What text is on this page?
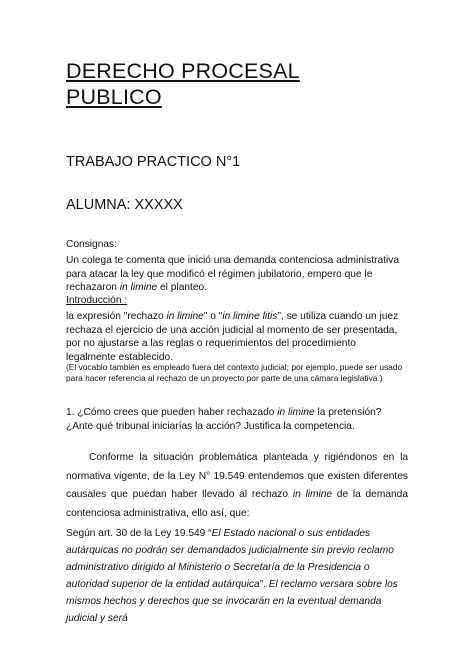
DERECHO PROCESAL
PUBLICO
TRABAJO PRACTICO N°1
ALUMNA: XXXXX
Consignas:
Un colega te comenta que inició una demanda contenciosa administrativa para atacar la ley que modificó el régimen jubilatorio, empero que le rechazaron in limine el planteo.
Introducción :
la expresión "rechazo in limine" o "in limine litis", se utiliza cuando un juez rechaza el ejercicio de una acción judicial al momento de ser presentada, por no ajustarse a las reglas o requerimientos del procedimiento legalmente establecido.
(El vocablo también es empleado fuera del contexto judicial; por ejemplo, puede ser usado para hacer referencia al rechazo de un proyecto por parte de una cámara legislativa.)
1. ¿Cómo crees que pueden haber rechazado in limine la pretensión? ¿Ante qué tribunal iniciarías la acción? Justifica la competencia.

Conforme la situación problemática planteada y rigiéndonos en la normativa vigente, de la Ley N° 19.549 entendemos que existen diferentes causales que puedan haber llevado al rechazo in limine de la demanda contenciosa administrativa, ello así, que:

Según art. 30 de la Ley 19.549 “El Estado nacional o sus entidades autárquicas no podrán ser demandados judicialmente sin previo reclamo administrativo dirigido al Ministerio o Secretaría de la Presidencia o autoridad superior de la entidad autárquica”. El reclamo versara sobre los mismos hechos y derechos que se invocarán en la eventual demanda judicial y será
